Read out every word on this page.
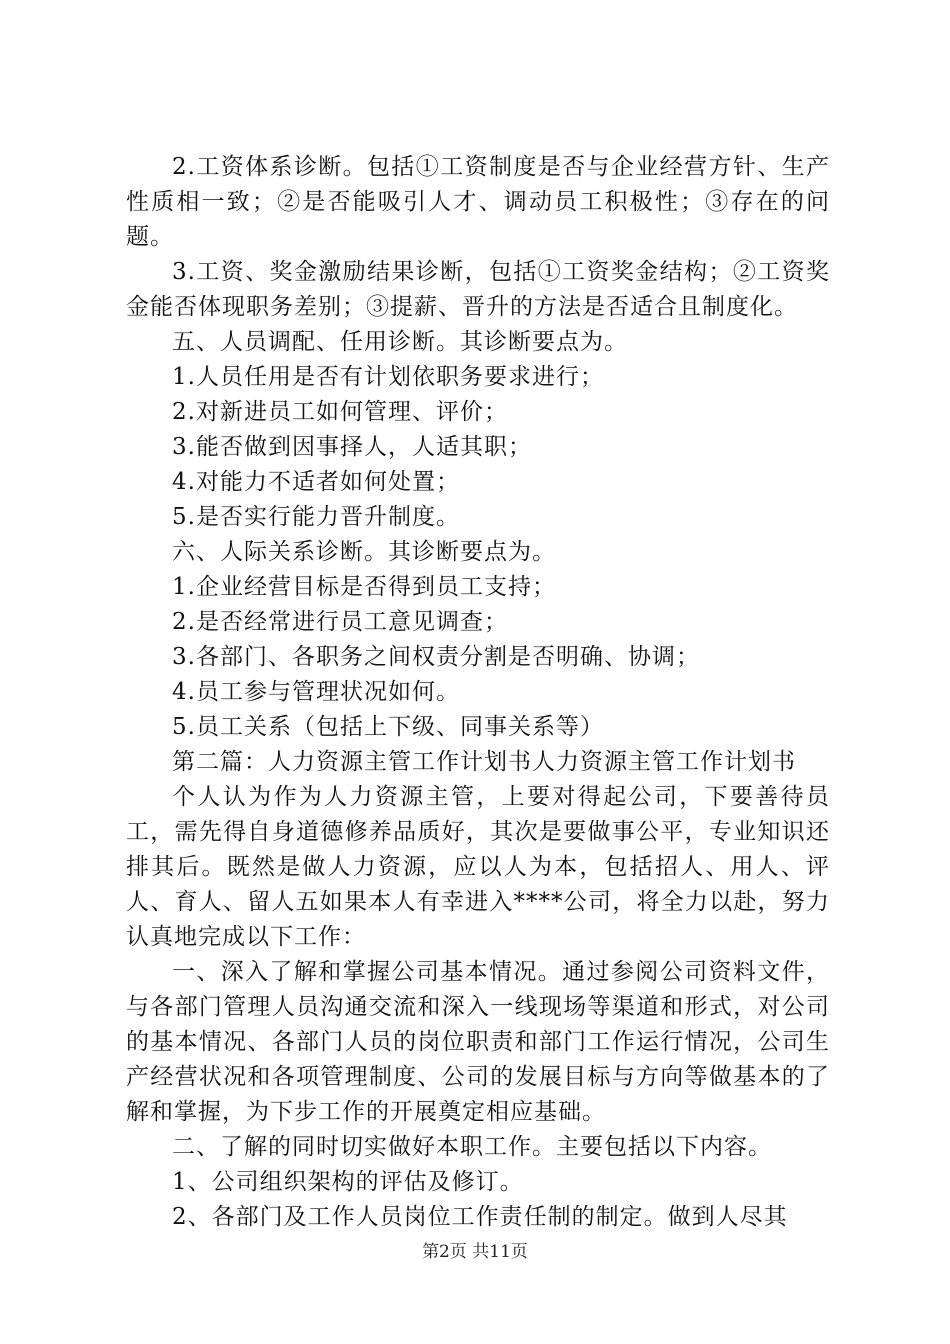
2.工资体系诊断。包括①工资制度是否与企业经营方针、生产性质相一致；②是否能吸引人才、调动员工积极性；③存在的问题。

3.工资、奖金激励结果诊断，包括①工资奖金结构；②工资奖金能否体现职务差别；③提薪、晋升的方法是否适合且制度化。

五、人员调配、任用诊断。其诊断要点为。

1.人员任用是否有计划依职务要求进行；

2.对新进员工如何管理、评价；

3.能否做到因事择人，人适其职；

4.对能力不适者如何处置；

5.是否实行能力晋升制度。

六、人际关系诊断。其诊断要点为。

1.企业经营目标是否得到员工支持；

2.是否经常进行员工意见调查；

3.各部门、各职务之间权责分割是否明确、协调；

4.员工参与管理状况如何。

5.员工关系（包括上下级、同事关系等）

第二篇：人力资源主管工作计划书人力资源主管工作计划书

个人认为作为人力资源主管，上要对得起公司，下要善待员工，需先得自身道德修养品质好，其次是要做事公平，专业知识还排其后。既然是做人力资源，应以人为本，包括招人、用人、评人、育人、留人五如果本人有幸进入****公司，将全力以赴，努力认真地完成以下工作：

一、深入了解和掌握公司基本情况。通过参阅公司资料文件，与各部门管理人员沟通交流和深入一线现场等渠道和形式，对公司的基本情况、各部门人员的岗位职责和部门工作运行情况，公司生产经营状况和各项管理制度、公司的发展目标与方向等做基本的了解和掌握，为下步工作的开展奠定相应基础。

二、了解的同时切实做好本职工作。主要包括以下内容。

1、公司组织架构的评估及修订。

2、各部门及工作人员岗位工作责任制的制定。做到人尽其

第2页 共11页
